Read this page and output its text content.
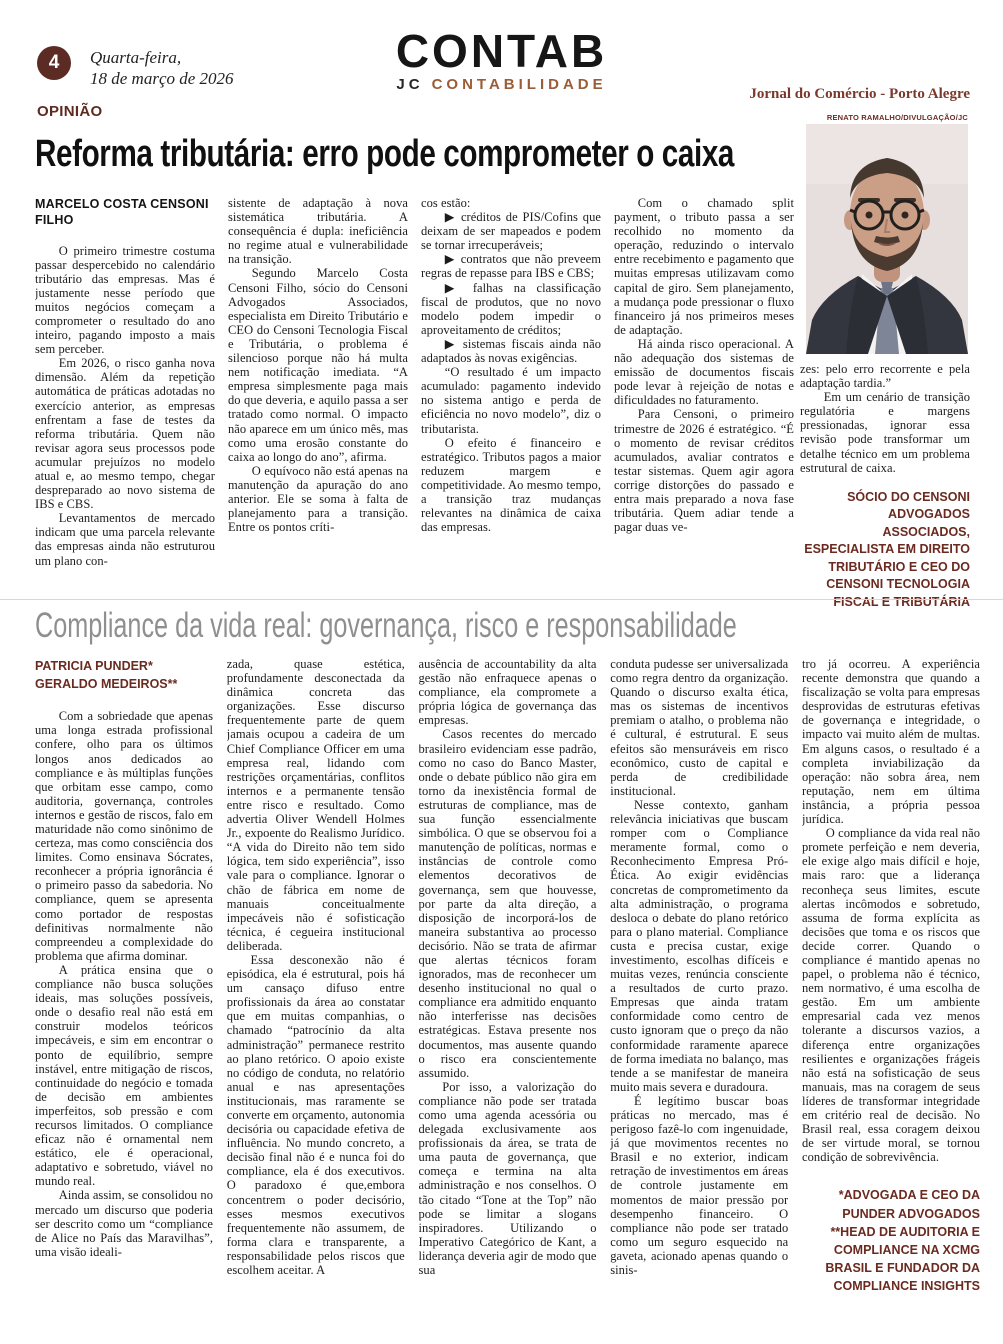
4 Quarta-feira,
18 de março de 2026
CONTAB
JC CONTABILIDADE
Jornal do Comércio - Porto Alegre
OPINIÃO
Reforma tributária: erro pode comprometer o caixa
MARCELO COSTA CENSONI FILHO

O primeiro trimestre costuma passar despercebido no calendário tributário das empresas. Mas é justamente nesse período que muitos negócios começam a comprometer o resultado do ano inteiro, pagando imposto a mais sem perceber.

Em 2026, o risco ganha nova dimensão. Além da repetição automática de práticas adotadas no exercício anterior, as empresas enfrentam a fase de testes da reforma tributária. Quem não revisar agora seus processos pode acumular prejuízos no modelo atual e, ao mesmo tempo, chegar despreparado ao novo sistema de IBS e CBS.

Levantamentos de mercado indicam que uma parcela relevante das empresas ainda não estruturou um plano con-

sistente de adaptação à nova sistemática tributária. A consequência é dupla: ineficiência no regime atual e vulnerabilidade na transição.

Segundo Marcelo Costa Censoni Filho, sócio do Censoni Advogados Associados, especialista em Direito Tributário e CEO do Censoni Tecnologia Fiscal e Tributária, o problema é silencioso porque não há multa nem notificação imediata. “A empresa simplesmente paga mais do que deveria, e aquilo passa a ser tratado como normal. O impacto não aparece em um único mês, mas como uma erosão constante do caixa ao longo do ano”, afirma.

O equívoco não está apenas na manutenção da apuração do ano anterior. Ele se soma à falta de planejamento para a transição. Entre os pontos críti-

cos estão:

▶ créditos de PIS/Cofins que deixam de ser mapeados e podem se tornar irrecuperáveis;

▶ contratos que não preveem regras de repasse para IBS e CBS;

▶ falhas na classificação fiscal de produtos, que no novo modelo podem impedir o aproveitamento de créditos;

▶ sistemas fiscais ainda não adaptados às novas exigências.

“O resultado é um impacto acumulado: pagamento indevido no sistema antigo e perda de eficiência no novo modelo”, diz o tributarista.

O efeito é financeiro e estratégico. Tributos pagos a maior reduzem margem e competitividade. Ao mesmo tempo, a transição traz mudanças relevantes na dinâmica de caixa das empresas.

Com o chamado split payment, o tributo passa a ser recolhido no momento da operação, reduzindo o intervalo entre recebimento e pagamento que muitas empresas utilizavam como capital de giro. Sem planejamento, a mudança pode pressionar o fluxo financeiro já nos primeiros meses de adaptação.

Há ainda risco operacional. A não adequação dos sistemas de emissão de documentos fiscais pode levar à rejeição de notas e dificuldades no faturamento.

Para Censoni, o primeiro trimestre de 2026 é estratégico. “É o momento de revisar créditos acumulados, avaliar contratos e testar sistemas. Quem agir agora corrige distorções do passado e entra mais preparado a nova fase tributária. Quem adiar tende a pagar duas ve-

RENATO RAMALHO/DIVULGAÇÃO/JC

zes: pelo erro recorrente e pela adaptação tardia.”

Em um cenário de transição regulatória e margens pressionadas, ignorar essa revisão pode transformar um detalhe técnico em um problema estrutural de caixa.

SÓCIO DO CENSONI ADVOGADOS ASSOCIADOS, ESPECIALISTA EM DIREITO TRIBUTÁRIO E CEO DO CENSONI TECNOLOGIA FISCAL E TRIBUTÁRIA
Compliance da vida real: governança, risco e responsabilidade
PATRICIA PUNDER*
GERALDO MEDEIROS**

Com a sobriedade que apenas uma longa estrada profissional confere, olho para os últimos longos anos dedicados ao compliance e às múltiplas funções que orbitam esse campo, como auditoria, governança, controles internos e gestão de riscos, falo em maturidade não como sinônimo de certeza, mas como consciência dos limites. Como ensinava Sócrates, reconhecer a própria ignorância é o primeiro passo da sabedoria. No compliance, quem se apresenta como portador de respostas definitivas normalmente não compreendeu a complexidade do problema que afirma dominar.

A prática ensina que o compliance não busca soluções ideais, mas soluções possíveis, onde o desafio real não está em construir modelos teóricos impecáveis, e sim em encontrar o ponto de equilíbrio, sempre instável, entre mitigação de riscos, continuidade do negócio e tomada de decisão em ambientes imperfeitos, sob pressão e com recursos limitados. O compliance eficaz não é ornamental nem estático, ele é operacional, adaptativo e sobretudo, viável no mundo real.

Ainda assim, se consolidou no mercado um discurso que poderia ser descrito como um “compliance de Alice no País das Maravilhas”, uma visão ideali-

zada, quase estética, profundamente desconectada da dinâmica concreta das organizações. Esse discurso frequentemente parte de quem jamais ocupou a cadeira de um Chief Compliance Officer em uma empresa real, lidando com restrições orçamentárias, conflitos internos e a permanente tensão entre risco e resultado. Como advertia Oliver Wendell Holmes Jr., expoente do Realismo Jurídico. “A vida do Direito não tem sido lógica, tem sido experiência”, isso vale para o compliance. Ignorar o chão de fábrica em nome de manuais conceitualmente impecáveis não é sofisticação técnica, é cegueira institucional deliberada.

Essa desconexão não é episódica, ela é estrutural, pois há um cansaço difuso entre profissionais da área ao constatar que em muitas companhias, o chamado “patrocínio da alta administração” permanece restrito ao plano retórico. O apoio existe no código de conduta, no relatório anual e nas apresentações institucionais, mas raramente se converte em orçamento, autonomia decisória ou capacidade efetiva de influência. No mundo concreto, a decisão final não é e nunca foi do compliance, ela é dos executivos. O paradoxo é que,embora concentrem o poder decisório, esses mesmos executivos frequentemente não assumem, de forma clara e transparente, a responsabilidade pelos riscos que escolhem aceitar. A

ausência de accountability da alta gestão não enfraquece apenas o compliance, ela compromete a própria lógica de governança das empresas.

Casos recentes do mercado brasileiro evidenciam esse padrão, como no caso do Banco Master, onde o debate público não gira em torno da inexistência formal de estruturas de compliance, mas de sua função essencialmente simbólica. O que se observou foi a manutenção de políticas, normas e instâncias de controle como elementos decorativos de governança, sem que houvesse, por parte da alta direção, a disposição de incorporá-los de maneira substantiva ao processo decisório. Não se trata de afirmar que alertas técnicos foram ignorados, mas de reconhecer um desenho institucional no qual o compliance era admitido enquanto não interferisse nas decisões estratégicas. Estava presente nos documentos, mas ausente quando o risco era conscientemente assumido.

Por isso, a valorização do compliance não pode ser tratada como uma agenda acessória ou delegada exclusivamente aos profissionais da área, se trata de uma pauta de governança, que começa e termina na alta administração e nos conselhos. O tão citado “Tone at the Top” não pode se limitar a slogans inspiradores. Utilizando o Imperativo Categórico de Kant, a liderança deveria agir de modo que sua

conduta pudesse ser universalizada como regra dentro da organização. Quando o discurso exalta ética, mas os sistemas de incentivos premiam o atalho, o problema não é cultural, é estrutural. E seus efeitos são mensuráveis em risco econômico, custo de capital e perda de credibilidade institucional.

Nesse contexto, ganham relevância iniciativas que buscam romper com o Compliance meramente formal, como o Reconhecimento Empresa Pró-Ética. Ao exigir evidências concretas de comprometimento da alta administração, o programa desloca o debate do plano retórico para o plano material. Compliance custa e precisa custar, exige investimento, escolhas difíceis e muitas vezes, renúncia consciente a resultados de curto prazo. Empresas que ainda tratam conformidade como centro de custo ignoram que o preço da não conformidade raramente aparece de forma imediata no balanço, mas tende a se manifestar de maneira muito mais severa e duradoura.

É legítimo buscar boas práticas no mercado, mas é perigoso fazê-lo com ingenuidade, já que movimentos recentes no Brasil e no exterior, indicam retração de investimentos em áreas de controle justamente em momentos de maior pressão por desempenho financeiro. O compliance não pode ser tratado como um seguro esquecido na gaveta, acionado apenas quando o sinis-

tro já ocorreu. A experiência recente demonstra que quando a fiscalização se volta para empresas desprovidas de estruturas efetivas de governança e integridade, o impacto vai muito além de multas. Em alguns casos, o resultado é a completa inviabilização da operação: não sobra área, nem reputação, nem em última instância, a própria pessoa jurídica.

O compliance da vida real não promete perfeição e nem deveria, ele exige algo mais difícil e hoje, mais raro: que a liderança reconheça seus limites, escute alertas incômodos e sobretudo, assuma de forma explícita as decisões que toma e os riscos que decide correr. Quando o compliance é mantido apenas no papel, o problema não é técnico, nem normativo, é uma escolha de gestão. Em um ambiente empresarial cada vez menos tolerante a discursos vazios, a diferença entre organizações resilientes e organizações frágeis não está na sofisticação de seus manuais, mas na coragem de seus líderes de transformar integridade em critério real de decisão. No Brasil real, essa coragem deixou de ser virtude moral, se tornou condição de sobrevivência.

*ADVOGADA E CEO DA PUNDER ADVOGADOS
**HEAD DE AUDITORIA E COMPLIANCE NA XCMG BRASIL E FUNDADOR DA COMPLIANCE INSIGHTS
